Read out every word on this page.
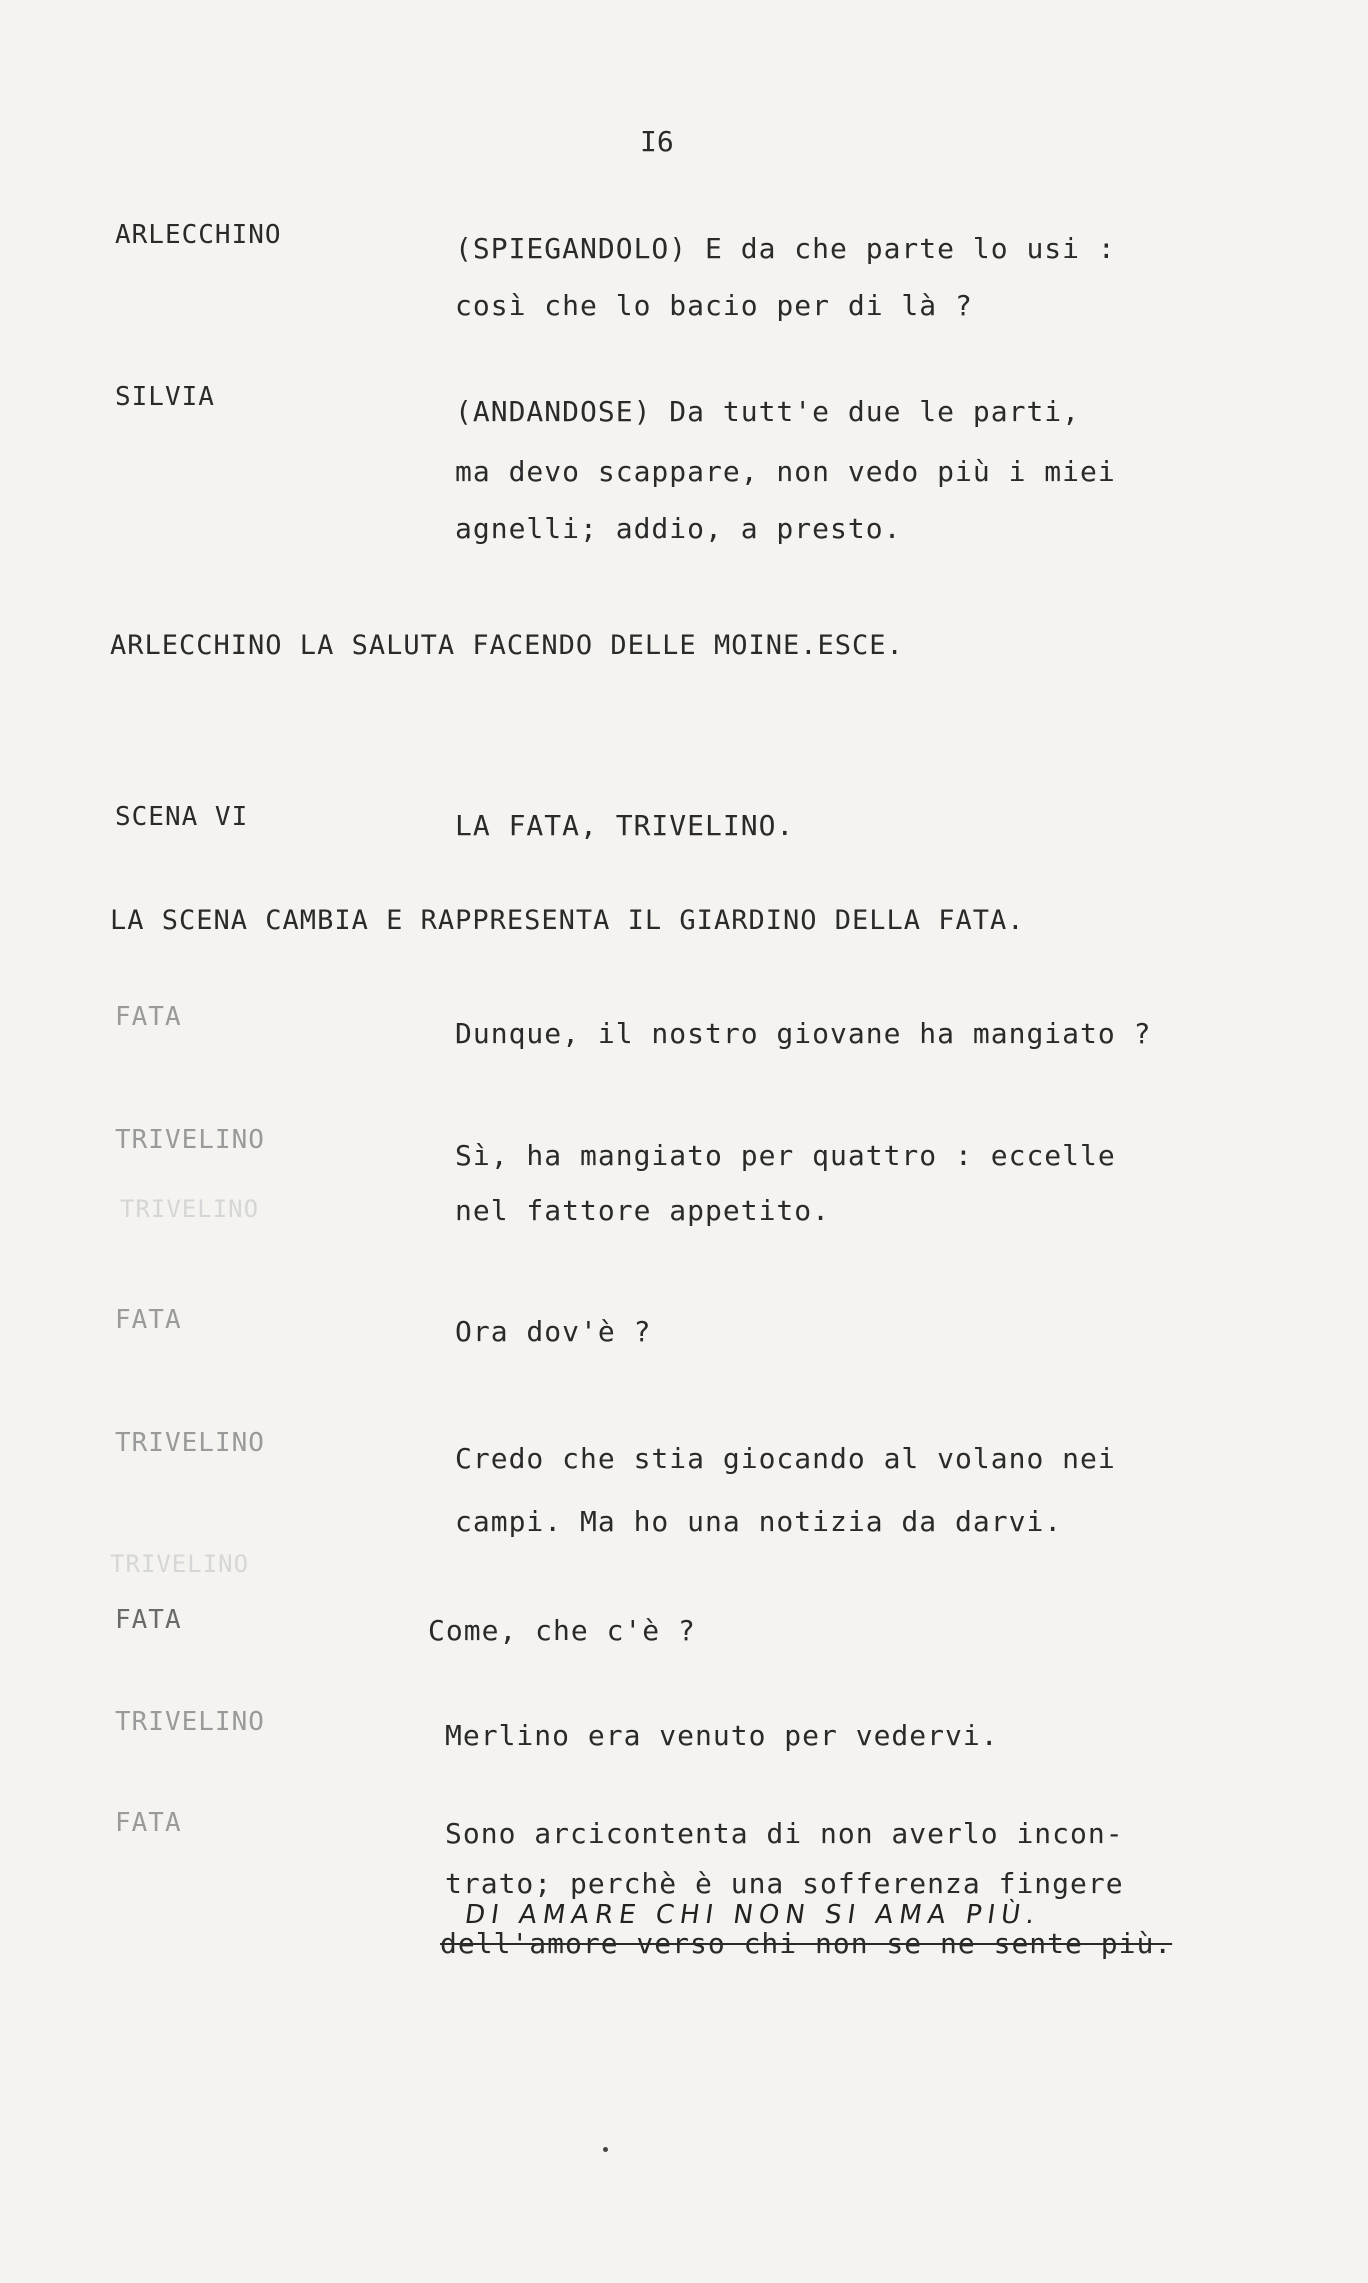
I6
TRIVELINO
TRIVELINO
ARLECCHINO	(SPIEGANDOLO) E da che parte lo usi :
così che lo bacio per di là ?
SILVIA	(ANDANDOSE) Da tutt'e due le parti,
ma devo scappare, non vedo più i miei
agnelli; addio, a presto.
ARLECCHINO LA SALUTA FACENDO DELLE MOINE.ESCE.
SCENA VI	LA FATA, TRIVELINO.
LA SCENA CAMBIA E RAPPRESENTA IL GIARDINO DELLA FATA.
FATA	Dunque, il nostro giovane ha mangiato ?
TRIVELINO	Sì, ha mangiato per quattro : eccelle
nel fattore appetito.
FATA	Ora dov'è ?
TRIVELINO	Credo che stia giocando al volano nei
campi. Ma ho una notizia da darvi.
FATA	Come, che c'è ?
TRIVELINO	Merlino era venuto per vedervi.
FATA	Sono arcicontenta di non averlo incon-
trato; perchè è una sofferenza fingere
DI AMARE CHI NON SI AMA PIÙ.
dell'amore verso chi non se ne sente più.
